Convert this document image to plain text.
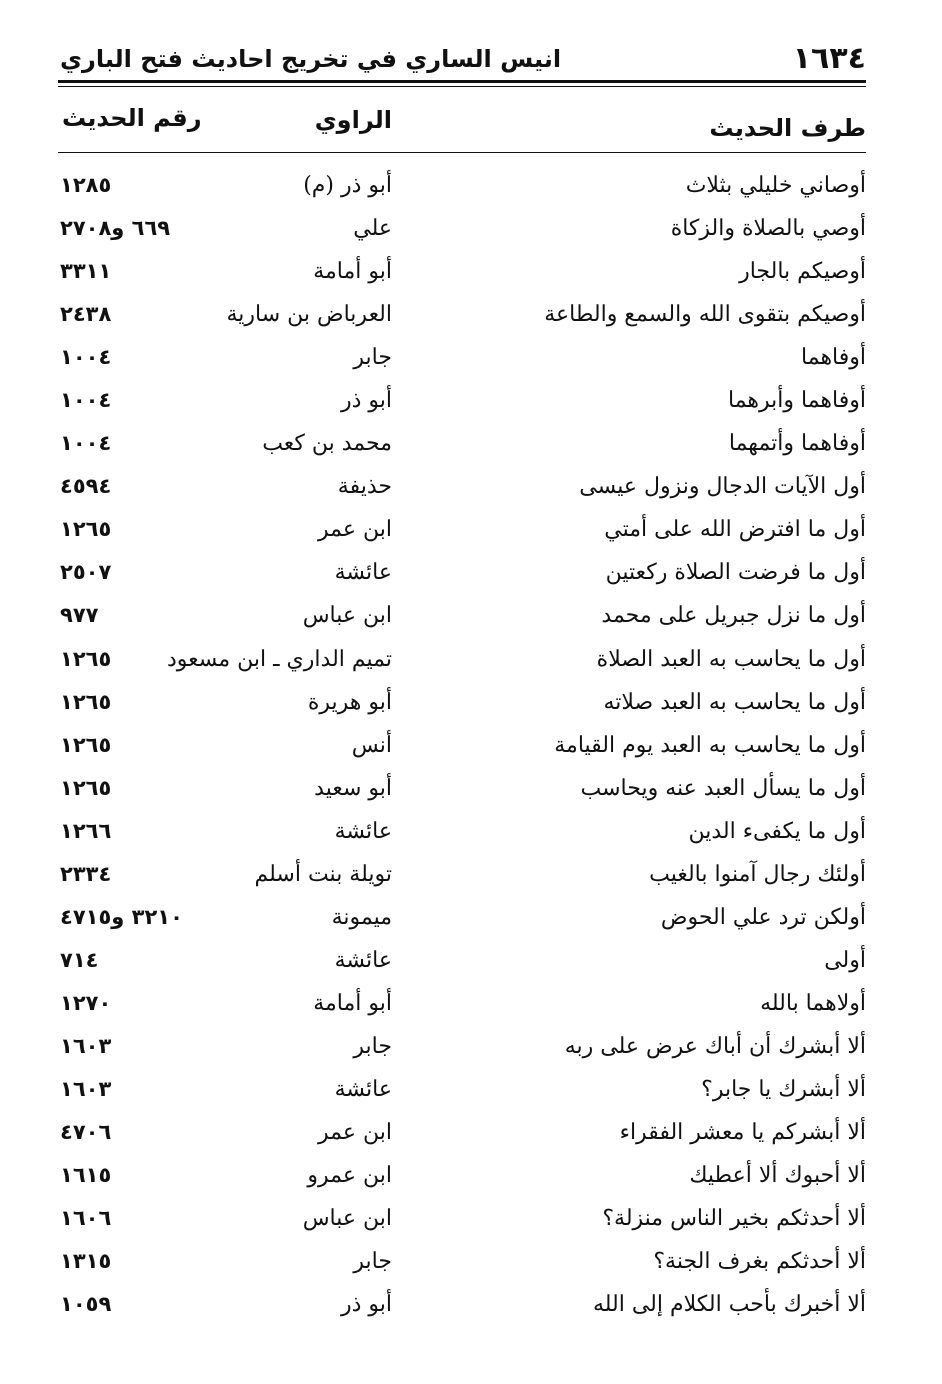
١٦٣٤
انيس الساري في تخريج احاديث فتح الباري
طرف الحديث
الراوي
رقم الحديث
أوصاني خليلي بثلاث
أبو ذر (م)
١٢٨٥
أوصي بالصلاة والزكاة
علي
٦٦٩ و٢٧٠٨
أوصيكم بالجار
أبو أمامة
٣٣١١
أوصيكم بتقوى الله والسمع والطاعة
العرباض بن سارية
٢٤٣٨
أوفاهما
جابر
١٠٠٤
أوفاهما وأبرهما
أبو ذر
١٠٠٤
أوفاهما وأتمهما
محمد بن كعب
١٠٠٤
أول الآيات الدجال ونزول عيسى
حذيفة
٤٥٩٤
أول ما افترض الله على أمتي
ابن عمر
١٢٦٥
أول ما فرضت الصلاة ركعتين
عائشة
٢٥٠٧
أول ما نزل جبريل على محمد
ابن عباس
٩٧٧
أول ما يحاسب به العبد الصلاة
تميم الداري ـ ابن مسعود
١٢٦٥
أول ما يحاسب به العبد صلاته
أبو هريرة
١٢٦٥
أول ما يحاسب به العبد يوم القيامة
أنس
١٢٦٥
أول ما يسأل العبد عنه ويحاسب
أبو سعيد
١٢٦٥
أول ما يكفىء الدين
عائشة
١٢٦٦
أولئك رجال آمنوا بالغيب
تويلة بنت أسلم
٢٣٣٤
أولكن ترد علي الحوض
ميمونة
٣٢١٠ و٤٧١٥
أولى
عائشة
٧١٤
أولاهما بالله
أبو أمامة
١٢٧٠
ألا أبشرك أن أباك عرض على ربه
جابر
١٦٠٣
ألا أبشرك يا جابر؟
عائشة
١٦٠٣
ألا أبشركم يا معشر الفقراء
ابن عمر
٤٧٠٦
ألا أحبوك ألا أعطيك
ابن عمرو
١٦١٥
ألا أحدثكم بخير الناس منزلة؟
ابن عباس
١٦٠٦
ألا أحدثكم بغرف الجنة؟
جابر
١٣١٥
ألا أخبرك بأحب الكلام إلى الله
أبو ذر
١٠٥٩
